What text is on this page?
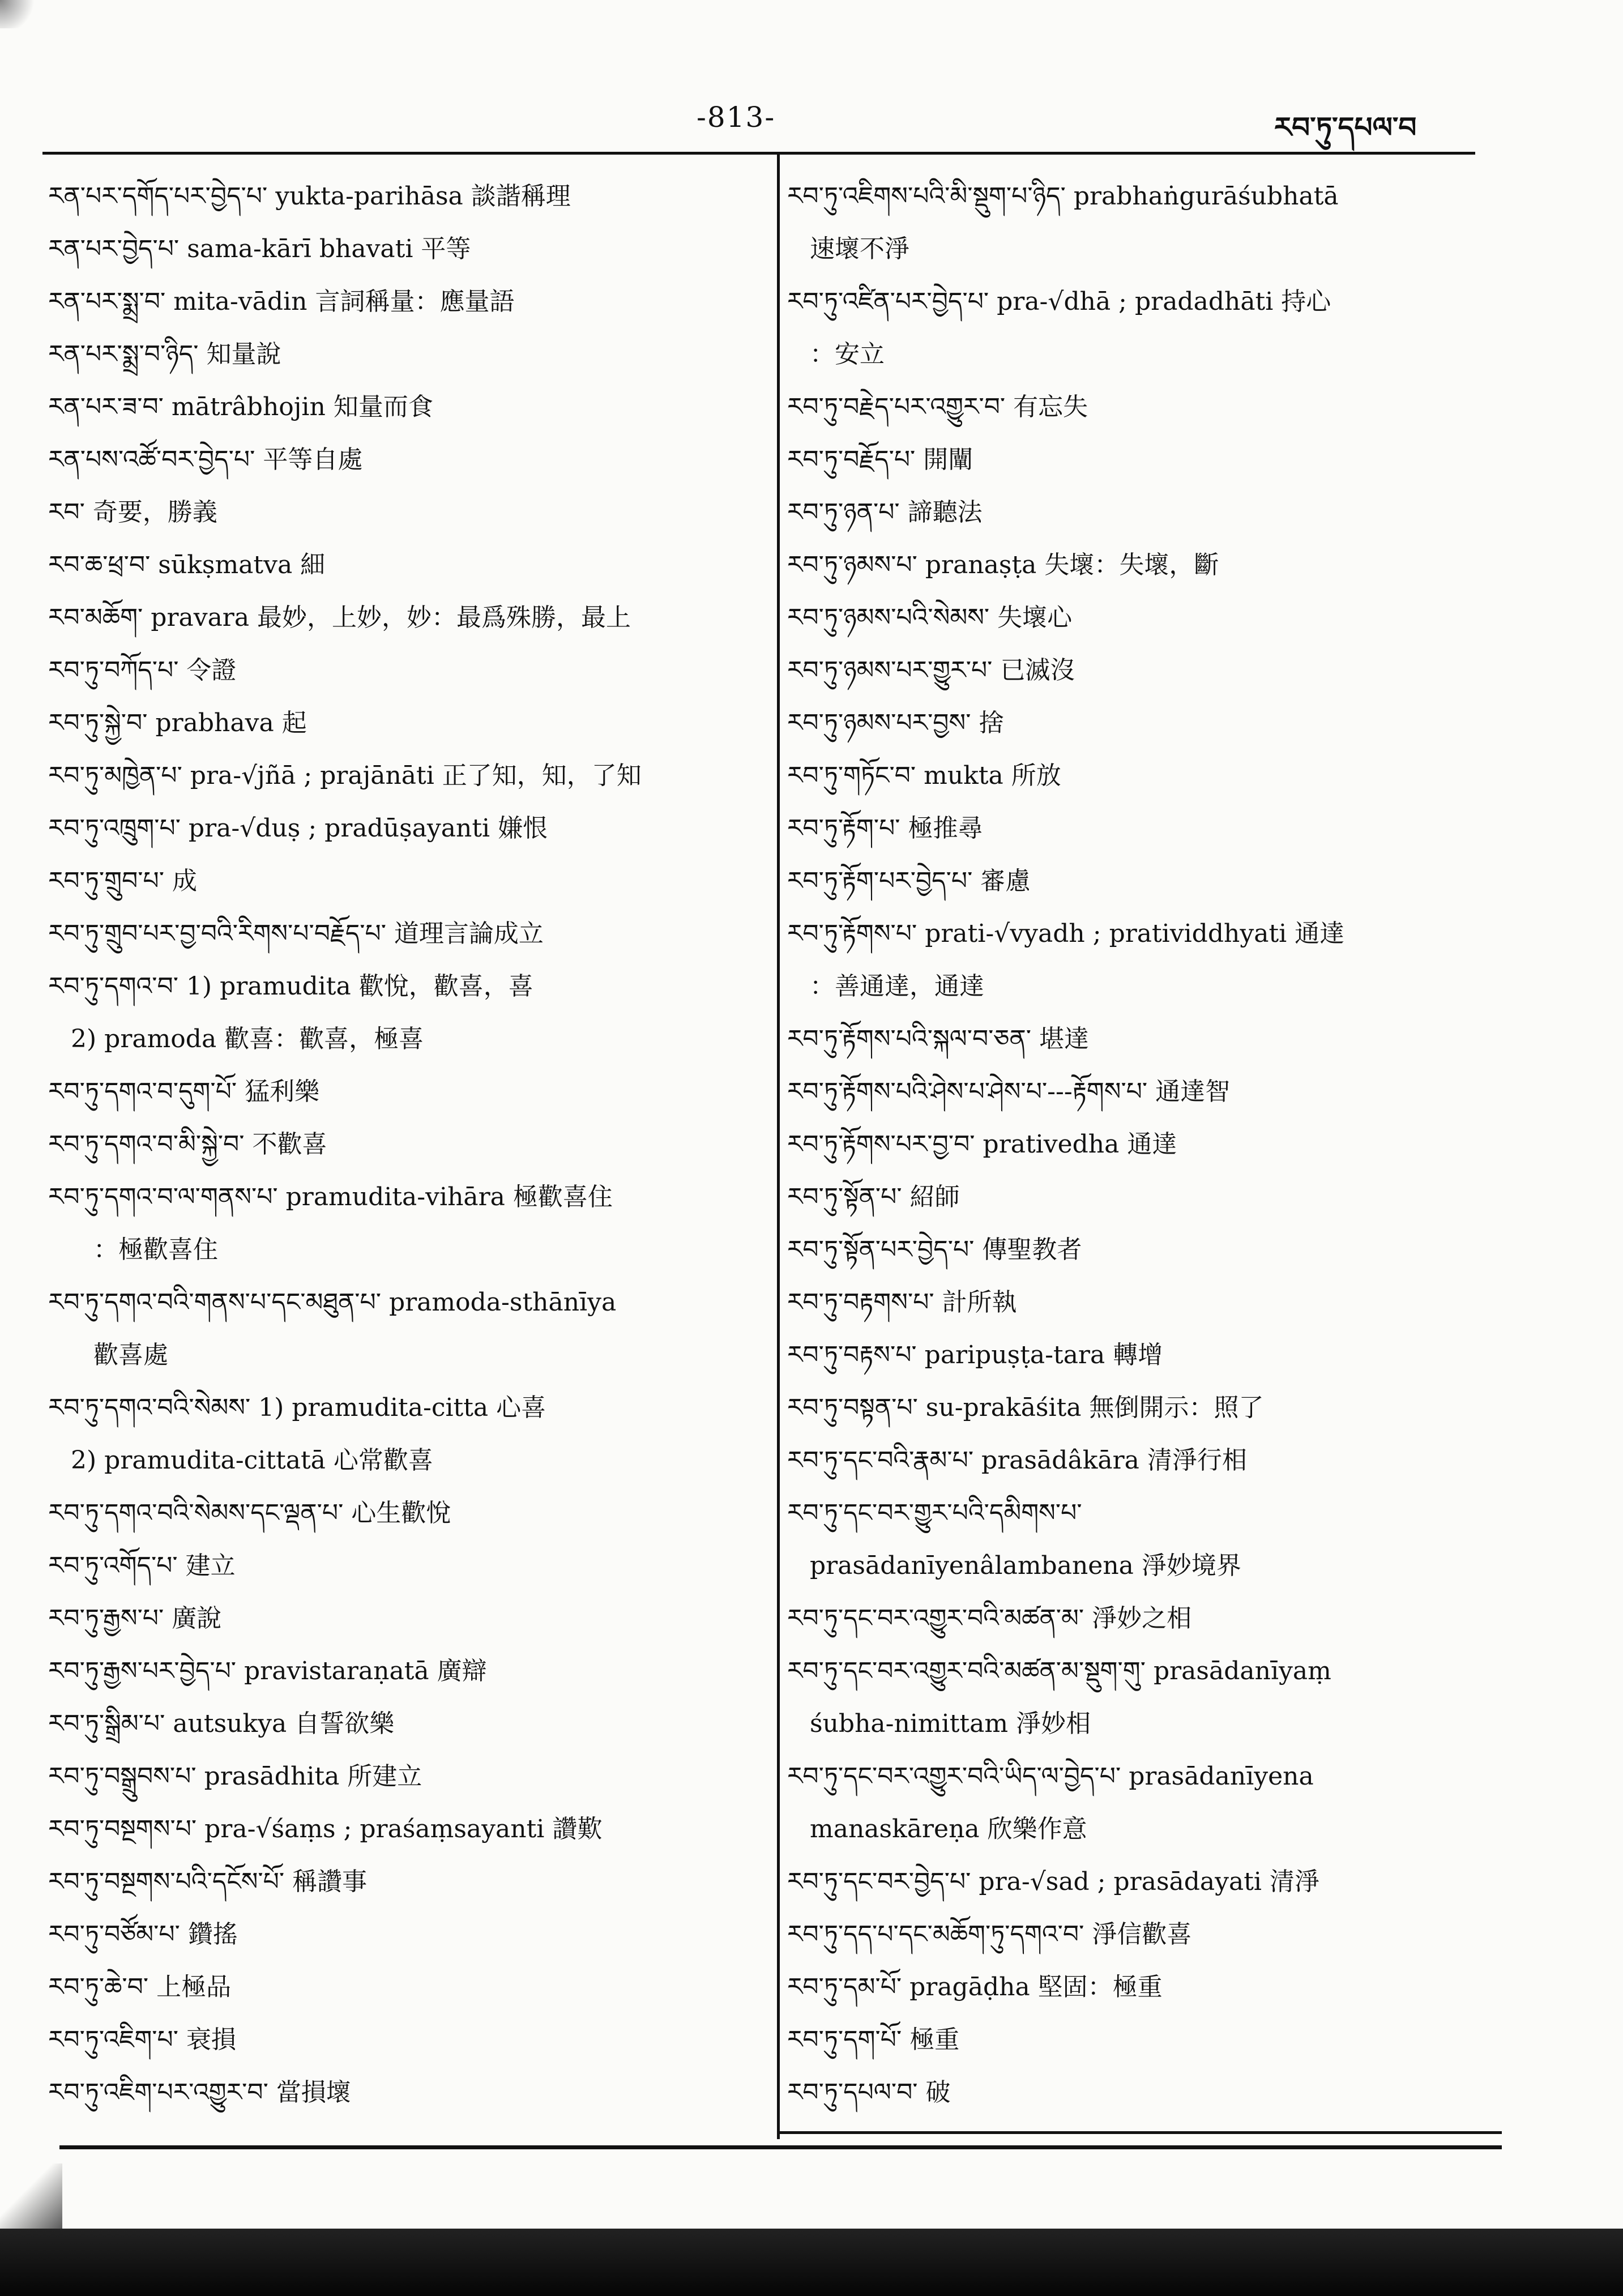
-813-	རབ་ཏུ་དཔལ་བ
རན་པར་དགོད་པར་བྱེད་པ་ yukta-parihāsa 談諧稱理
རན་པར་བྱེད་པ་ sama-kārī bhavati 平等
རན་པར་སྨྲ་བ་ mita-vādin 言詞稱量：應量語
རན་པར་སྨྲ་བ་ཉིད་ 知量說
རན་པར་ཟ་བ་ mātrâbhojin 知量而食
རན་པས་འཚོ་བར་བྱེད་པ་ 平等自處
རབ་ 奇要，勝義
རབ་ཆ་ཕྲ་བ་ sūkṣmatva 細
རབ་མཆོག་ pravara 最妙，上妙，妙：最爲殊勝，最上
རབ་ཏུ་བཀོད་པ་ 令證
རབ་ཏུ་སྐྱེ་བ་ prabhava 起
རབ་ཏུ་མཁྱེན་པ་ pra-√jñā ; prajānāti 正了知，知，了知
རབ་ཏུ་འཁྲུག་པ་ pra-√duṣ ; pradūṣayanti 嫌恨
རབ་ཏུ་གྲུབ་པ་ 成
རབ་ཏུ་གྲུབ་པར་བྱ་བའི་རིགས་པ་བརྗོད་པ་ 道理言論成立
རབ་ཏུ་དགའ་བ་ 1) pramudita 歡悅，歡喜，喜
2) pramoda 歡喜：歡喜，極喜
རབ་ཏུ་དགའ་བ་དུག་པོ་ 猛利樂
རབ་ཏུ་དགའ་བ་མི་སྐྱེ་བ་ 不歡喜
རབ་ཏུ་དགའ་བ་ལ་གནས་པ་ pramudita-vihāra 極歡喜住
：極歡喜住
རབ་ཏུ་དགའ་བའི་གནས་པ་དང་མཐུན་པ་ pramoda-sthānīya
歡喜處
རབ་ཏུ་དགའ་བའི་སེམས་ 1) pramudita-citta 心喜
2) pramudita-cittatā 心常歡喜
རབ་ཏུ་དགའ་བའི་སེམས་དང་ལྡན་པ་ 心生歡悅
རབ་ཏུ་འགོད་པ་ 建立
རབ་ཏུ་རྒྱས་པ་ 廣說
རབ་ཏུ་རྒྱས་པར་བྱེད་པ་ pravistaraṇatā 廣辯
རབ་ཏུ་སྒྲིམ་པ་ autsukya 自誓欲樂
རབ་ཏུ་བསྒྲུབས་པ་ prasādhita 所建立
རབ་ཏུ་བསྔགས་པ་ pra-√śaṃs ; praśaṃsayanti 讚歎
རབ་ཏུ་བསྔགས་པའི་དངོས་པོ་ 稱讚事
རབ་ཏུ་བཙོམ་པ་ 鑽搖
རབ་ཏུ་ཆེ་བ་ 上極品
རབ་ཏུ་འཇིག་པ་ 衰損
རབ་ཏུ་འཇིག་པར་འགྱུར་བ་ 當損壞
རབ་ཏུ་འཇིགས་པའི་མི་སྡུག་པ་ཉིད་ prabhaṅgurāśubhatā
速壞不淨
རབ་ཏུ་འཛིན་པར་བྱེད་པ་ pra-√dhā ; pradadhāti 持心
：安立
རབ་ཏུ་བརྗེད་པར་འགྱུར་བ་ 有忘失
རབ་ཏུ་བརྗོད་པ་ 開闡
རབ་ཏུ་ཉན་པ་ 諦聽法
རབ་ཏུ་ཉམས་པ་ pranaṣṭa 失壞：失壞，斷
རབ་ཏུ་ཉམས་པའི་སེམས་ 失壞心
རབ་ཏུ་ཉམས་པར་གྱུར་པ་ 已滅沒
རབ་ཏུ་ཉམས་པར་བྱས་ 捨
རབ་ཏུ་གཏོང་བ་ mukta 所放
རབ་ཏུ་རྟོག་པ་ 極推尋
རབ་ཏུ་རྟོག་པར་བྱེད་པ་ 審慮
རབ་ཏུ་རྟོགས་པ་ prati-√vyadh ; pratividdhyati 通達
：善通達，通達
རབ་ཏུ་རྟོགས་པའི་སྐལ་བ་ཅན་ 堪達
རབ་ཏུ་རྟོགས་པའི་ཤེས་པ་ཤེས་པ་---རྟོགས་པ་ 通達智
རབ་ཏུ་རྟོགས་པར་བྱ་བ་ prativedha 通達
རབ་ཏུ་སྟོན་པ་ 紹師
རབ་ཏུ་སྟོན་པར་བྱེད་པ་ 傳聖教者
རབ་ཏུ་བརྟགས་པ་ 計所執
རབ་ཏུ་བརྟས་པ་ paripuṣṭa-tara 轉增
རབ་ཏུ་བསྟན་པ་ su-prakāśita 無倒開示：照了
རབ་ཏུ་དང་བའི་རྣམ་པ་ prasādâkāra 清淨行相
རབ་ཏུ་དང་བར་གྱུར་པའི་དམིགས་པ་
prasādanīyenâlambanena 淨妙境界
རབ་ཏུ་དང་བར་འགྱུར་བའི་མཚན་མ་ 淨妙之相
རབ་ཏུ་དང་བར་འགྱུར་བའི་མཚན་མ་སྡུག་གུ་ prasādanīyaṃ
śubha-nimittam 淨妙相
རབ་ཏུ་དང་བར་འགྱུར་བའི་ཡིད་ལ་བྱེད་པ་ prasādanīyena
manaskāreṇa 欣樂作意
རབ་ཏུ་དང་བར་བྱེད་པ་ pra-√sad ; prasādayati 清淨
རབ་ཏུ་དད་པ་དང་མཆོག་ཏུ་དགའ་བ་ 淨信歡喜
རབ་ཏུ་དམ་པོ་ pragāḍha 堅固：極重
རབ་ཏུ་དག་པོ་ 極重
རབ་ཏུ་དཔལ་བ་ 破
